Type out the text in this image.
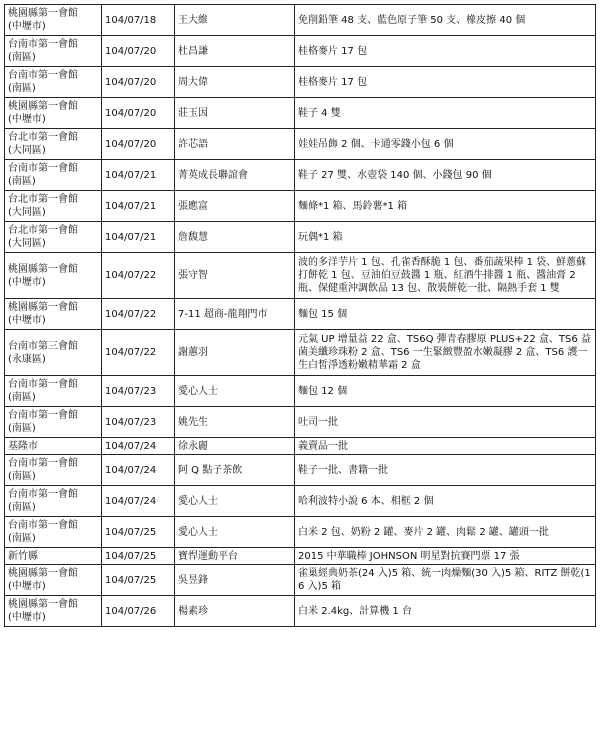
桃園縣第一會館
(中壢市)	104/07/18	王大維	免削鉛筆 48 支、藍色原子筆 50 支、橡皮擦 40 個
台南市第一會館
(南區)	104/07/20	杜昌謙	桂格麥片 17 包
台南市第一會館
(南區)	104/07/20	周大偉	桂格麥片 17 包
桃園縣第一會館
(中壢市)	104/07/20	莊玉因	鞋子 4 雙
台北市第一會館
(大同區)	104/07/20	許芯語	娃娃吊飾 2 個、卡通零錢小包 6 個
台南市第一會館
(南區)	104/07/21	菁英成長聯誼會	鞋子 27 雙、水壺袋 140 個、小錢包 90 個
台北市第一會館
(大同區)	104/07/21	張應富	麵條*1 箱、馬鈴薯*1 箱
台北市第一會館
(大同區)	104/07/21	詹馥慧	玩偶*1 箱
桃園縣第一會館
(中壢市)	104/07/22	張守智	波的多洋芋片 1 包、孔雀香酥脆 1 包、番茄蔬果棒 1 袋、鮮蔥蘇打餅乾 1 包、豆油伯豆鼓醬 1 瓶、紅酒牛排醬 1 瓶、醬油膏 2 瓶、保健重沖調飲品 13 包、散裝餅乾一批、隔熱手套 1 雙
桃園縣第一會館
(中壢市)	104/07/22	7-11 超商-龍翔門市	麵包 15 個
台南市第三會館
(永康區)	104/07/22	謝蕙羽	元氣 UP 增量益 22 盒、TS6Q 彈青春膠原 PLUS+22 盒、TS6 益菌美纖珍珠粉 2 盒、TS6 一生緊緻豐盈水嫩凝膠 2 盒、TS6 護一生白皙淨透粉嫩精華霜 2 盒
台南市第一會館
(南區)	104/07/23	愛心人士	麵包 12 個
台南市第一會館
(南區)	104/07/23	姚先生	吐司一批
基隆市	104/07/24	徐永麗	義賣品一批
台南市第一會館
(南區)	104/07/24	阿 Q 點子茶飲	鞋子一批、書籍一批
台南市第一會館
(南區)	104/07/24	愛心人士	哈利波特小說 6 本、相框 2 個
台南市第一會館
(南區)	104/07/25	愛心人士	白米 2 包、奶粉 2 罐、麥片 2 罐、肉鬆 2 罐、罐頭一批
新竹縣	104/07/25	寶悍運動平台	2015 中華職棒 JOHNSON 明星對抗賽門票 17 張
桃園縣第一會館
(中壢市)	104/07/25	吳昱鋒	雀巢經典奶茶(24 入)5 箱、統一肉燥麵(30 入)5 箱、RITZ 餅乾(16 入)5 箱
桃園縣第一會館
(中壢市)	104/07/26	楊素珍	白米 2.4kg、計算機 1 台
